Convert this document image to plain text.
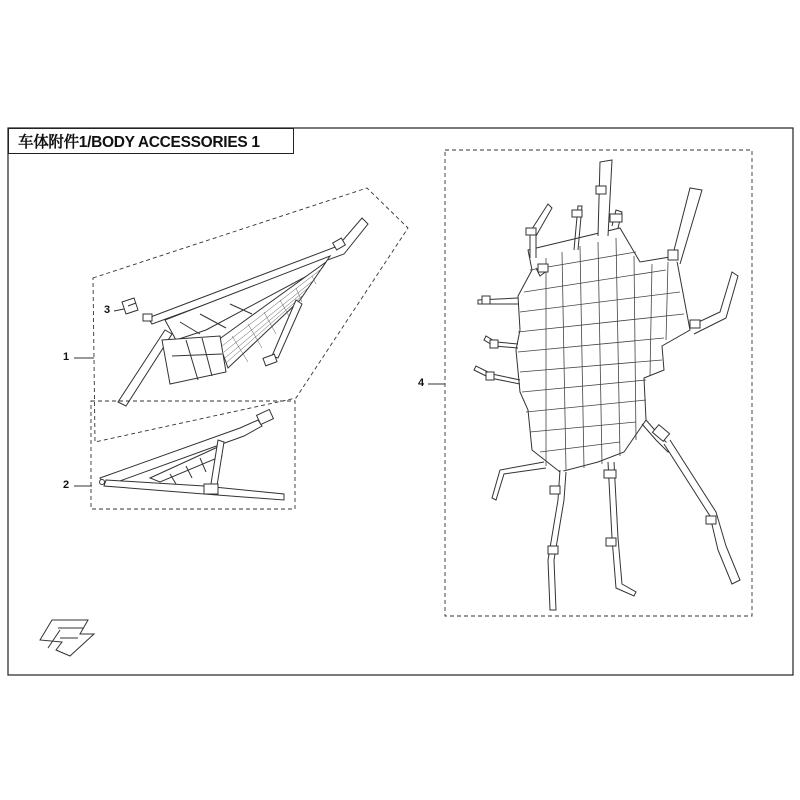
车体附件1/BODY ACCESSORIES 1
1
2
3
4
